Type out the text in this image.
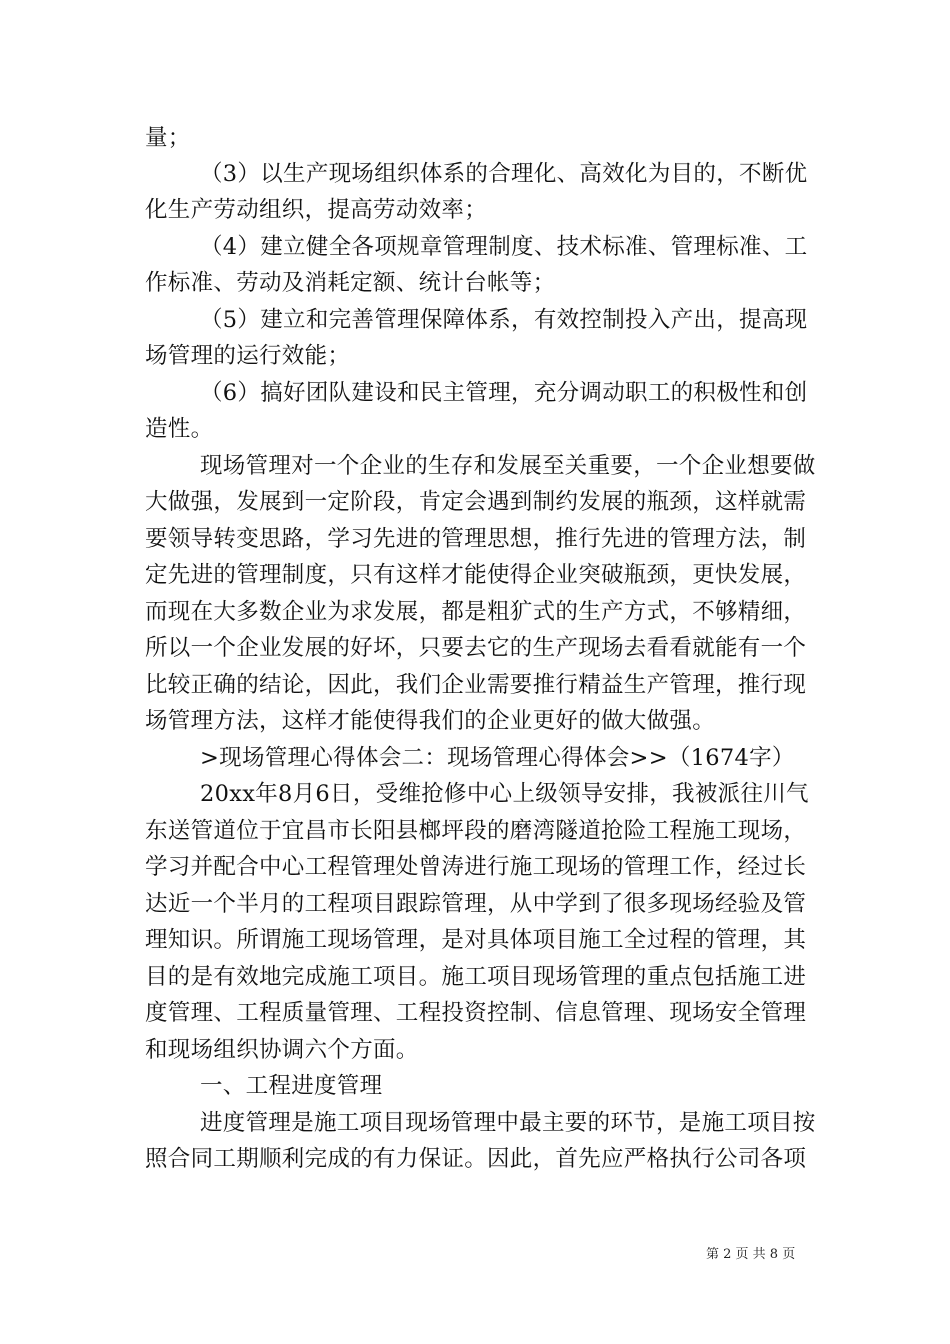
量；
（3）以生产现场组织体系的合理化、高效化为目的，不断优
化生产劳动组织，提高劳动效率；
（4）建立健全各项规章管理制度、技术标准、管理标准、工
作标准、劳动及消耗定额、统计台帐等；
（5）建立和完善管理保障体系，有效控制投入产出，提高现
场管理的运行效能；
（6）搞好团队建设和民主管理，充分调动职工的积极性和创
造性。
现场管理对一个企业的生存和发展至关重要，一个企业想要做
大做强，发展到一定阶段，肯定会遇到制约发展的瓶颈，这样就需
要领导转变思路，学习先进的管理思想，推行先进的管理方法，制
定先进的管理制度，只有这样才能使得企业突破瓶颈，更快发展，
而现在大多数企业为求发展，都是粗犷式的生产方式，不够精细，
所以一个企业发展的好坏，只要去它的生产现场去看看就能有一个
比较正确的结论，因此，我们企业需要推行精益生产管理，推行现
场管理方法，这样才能使得我们的企业更好的做大做强。
>现场管理心得体会二：现场管理心得体会>>（1674字）
20xx年8月6日，受维抢修中心上级领导安排，我被派往川气
东送管道位于宜昌市长阳县榔坪段的磨湾隧道抢险工程施工现场，
学习并配合中心工程管理处曾涛进行施工现场的管理工作，经过长
达近一个半月的工程项目跟踪管理，从中学到了很多现场经验及管
理知识。所谓施工现场管理，是对具体项目施工全过程的管理，其
目的是有效地完成施工项目。施工项目现场管理的重点包括施工进
度管理、工程质量管理、工程投资控制、信息管理、现场安全管理
和现场组织协调六个方面。
一、工程进度管理
进度管理是施工项目现场管理中最主要的环节，是施工项目按
照合同工期顺利完成的有力保证。因此，首先应严格执行公司各项
第 2 页 共 8 页
